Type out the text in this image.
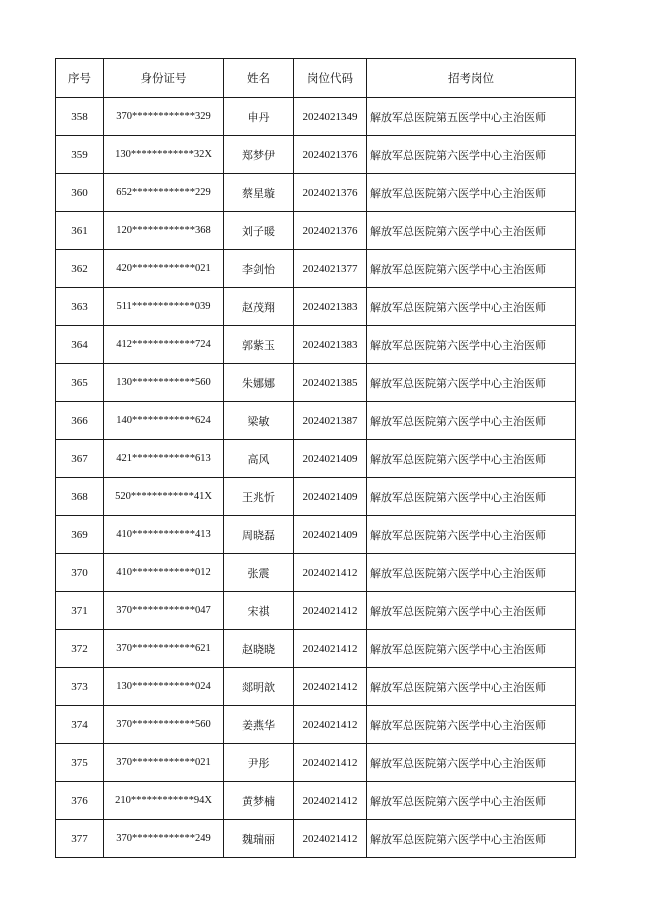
序号	身份证号	姓名	岗位代码	招考岗位
358	370************329	申丹	2024021349	解放军总医院第五医学中心主治医师
359	130************32X	郑梦伊	2024021376	解放军总医院第六医学中心主治医师
360	652************229	蔡星璇	2024021376	解放军总医院第六医学中心主治医师
361	120************368	刘子暖	2024021376	解放军总医院第六医学中心主治医师
362	420************021	李剑怡	2024021377	解放军总医院第六医学中心主治医师
363	511************039	赵茂翔	2024021383	解放军总医院第六医学中心主治医师
364	412************724	郭紫玉	2024021383	解放军总医院第六医学中心主治医师
365	130************560	朱娜娜	2024021385	解放军总医院第六医学中心主治医师
366	140************624	梁敏	2024021387	解放军总医院第六医学中心主治医师
367	421************613	高风	2024021409	解放军总医院第六医学中心主治医师
368	520************41X	王兆忻	2024021409	解放军总医院第六医学中心主治医师
369	410************413	周晓磊	2024021409	解放军总医院第六医学中心主治医师
370	410************012	张震	2024021412	解放军总医院第六医学中心主治医师
371	370************047	宋祺	2024021412	解放军总医院第六医学中心主治医师
372	370************621	赵晓晓	2024021412	解放军总医院第六医学中心主治医师
373	130************024	郯明歆	2024021412	解放军总医院第六医学中心主治医师
374	370************560	姜燕华	2024021412	解放军总医院第六医学中心主治医师
375	370************021	尹彤	2024021412	解放军总医院第六医学中心主治医师
376	210************94X	黄梦楠	2024021412	解放军总医院第六医学中心主治医师
377	370************249	魏瑞丽	2024021412	解放军总医院第六医学中心主治医师
